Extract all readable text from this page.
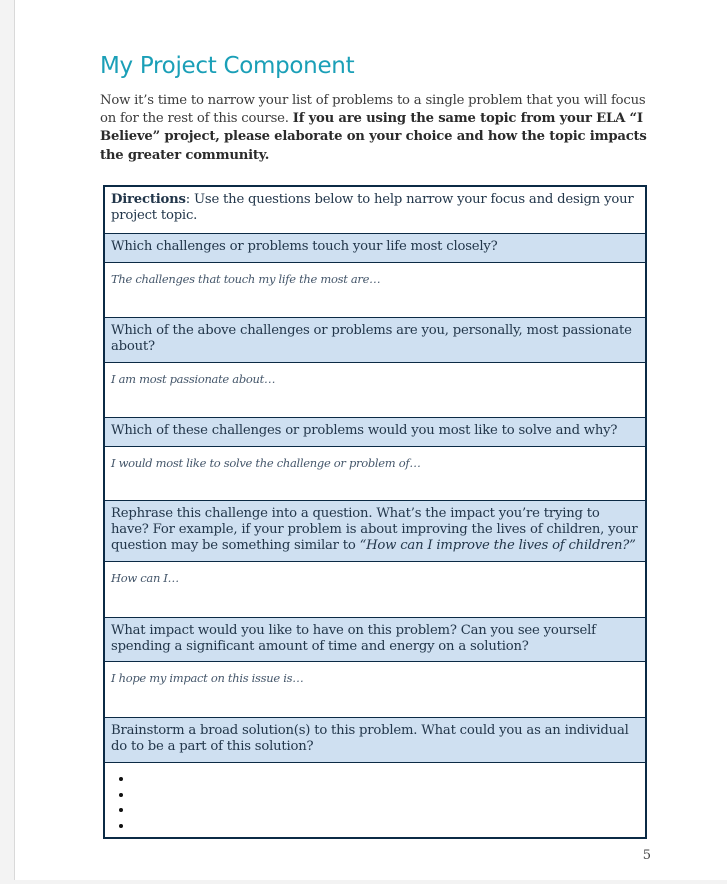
My Project Component

Now it’s time to narrow your list of problems to a single problem that you will focus on for the rest of this course. If you are using the same topic from your ELA “I Believe” project, please elaborate on your choice and how the topic impacts the greater community.

Directions: Use the questions below to help narrow your focus and design your project topic.
Which challenges or problems touch your life most closely?
The challenges that touch my life the most are…
Which of the above challenges or problems are you, personally, most passionate about?
I am most passionate about…
Which of these challenges or problems would you most like to solve and why?
I would most like to solve the challenge or problem of…
Rephrase this challenge into a question. What’s the impact you’re trying to have? For example, if your problem is about improving the lives of children, your question may be something similar to “How can I improve the lives of children?”
How can I…
What impact would you like to have on this problem? Can you see yourself spending a significant amount of time and energy on a solution?
I hope my impact on this issue is…
Brainstorm a broad solution(s) to this problem. What could you as an individual do to be a part of this solution?
•
•
•
•
5
